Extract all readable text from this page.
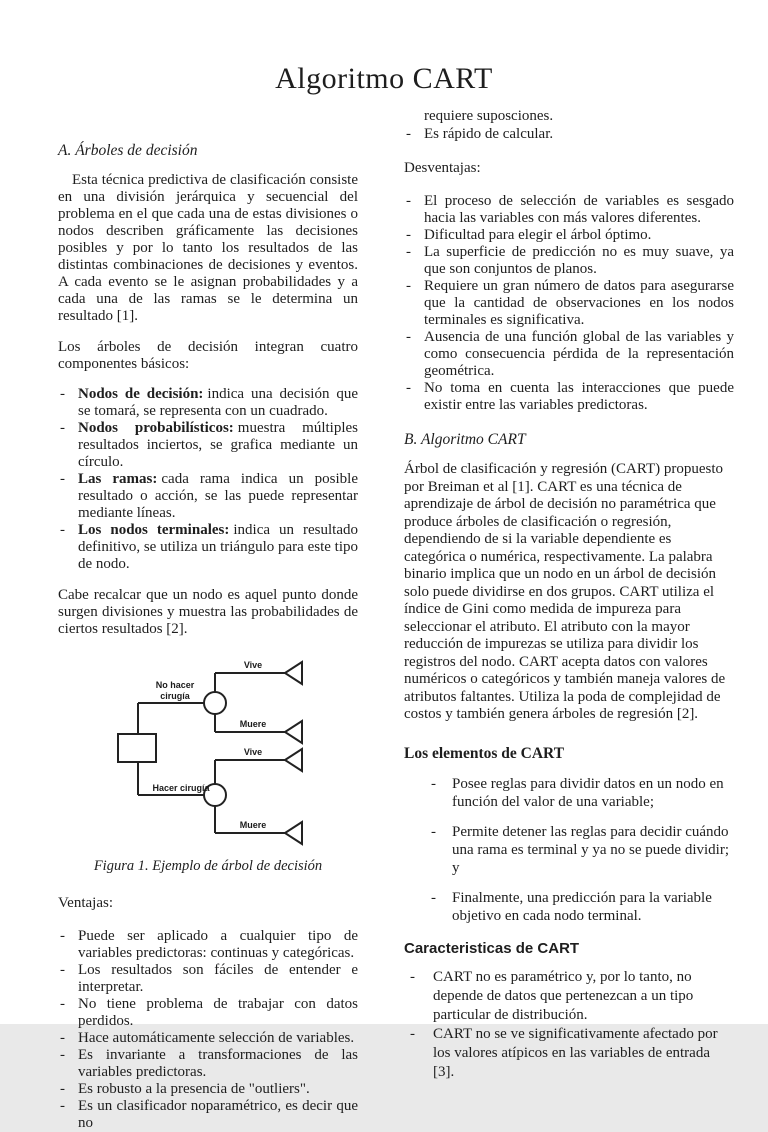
Algoritmo CART
A. Árboles de decisión

Esta técnica predictiva de clasificación consiste en una división jerárquica y secuencial del problema en el que cada una de estas divisiones o nodos describen gráficamente las decisiones posibles y por lo tanto los resultados de las distintas combinaciones de decisiones y eventos. A cada evento se le asignan probabilidades y a cada una de las ramas se le determina un resultado [1].

Los árboles de decisión integran cuatro componentes básicos:

- Nodos de decisión: indica una decisión que se tomará, se representa con un cuadrado.
- Nodos probabilísticos: muestra múltiples resultados inciertos, se grafica mediante un círculo.
- Las ramas: cada rama indica un posible resultado o acción, se las puede representar mediante líneas.
- Los nodos terminales: indica un resultado definitivo, se utiliza un triángulo para este tipo de nodo.

Cabe recalcar que un nodo es aquel punto donde surgen divisiones y muestra las probabilidades de ciertos resultados [2].

No hacer
cirugía
Hacer cirugía
Vive
Muere
Vive
Muere
Figura 1. Ejemplo de árbol de decisión

Ventajas:

- Puede ser aplicado a cualquier tipo de variables predictoras: continuas y categóricas.
- Los resultados son fáciles de entender e interpretar.
- No tiene problema de trabajar con datos perdidos.
- Hace automáticamente selección de variables.
- Es invariante a transformaciones de las variables predictoras.
- Es robusto a la presencia de "outliers".
- Es un clasificador noparamétrico, es decir que no

requiere suposciones.

- Es rápido de calcular.

Desventajas:

- El proceso de selección de variables es sesgado hacia las variables con más valores diferentes.
- Dificultad para elegir el árbol óptimo.
- La superficie de predicción no es muy suave, ya que son conjuntos de planos.
- Requiere un gran número de datos para asegurarse que la cantidad de observaciones en los nodos terminales es significativa.
- Ausencia de una función global de las variables y como consecuencia pérdida de la representación geométrica.
- No toma en cuenta las interacciones que puede existir entre las variables predictoras.
B. Algoritmo CART

Árbol de clasificación y regresión (CART) propuesto por Breiman et al [1]. CART es una técnica de aprendizaje de árbol de decisión no paramétrica que produce árboles de clasificación o regresión, dependiendo de si la variable dependiente es categórica o numérica, respectivamente. La palabra binario implica que un nodo en un árbol de decisión solo puede dividirse en dos grupos. CART utiliza el índice de Gini como medida de impureza para seleccionar el atributo. El atributo con la mayor reducción de impurezas se utiliza para dividir los registros del nodo. CART acepta datos con valores numéricos o categóricos y también maneja valores de atributos faltantes. Utiliza la poda de complejidad de costos y también genera árboles de regresión [2].

Los elementos de CART

- Posee reglas para dividir datos en un nodo en función del valor de una variable;
- Permite detener las reglas para decidir cuándo una rama es terminal y ya no se puede dividir; y
- Finalmente, una predicción para la variable objetivo en cada nodo terminal.

Caracteristicas de CART

- CART no es paramétrico y, por lo tanto, no depende de datos que pertenezcan a un tipo particular de distribución.
- CART no se ve significativamente afectado por los valores atípicos en las variables de entrada [3].
